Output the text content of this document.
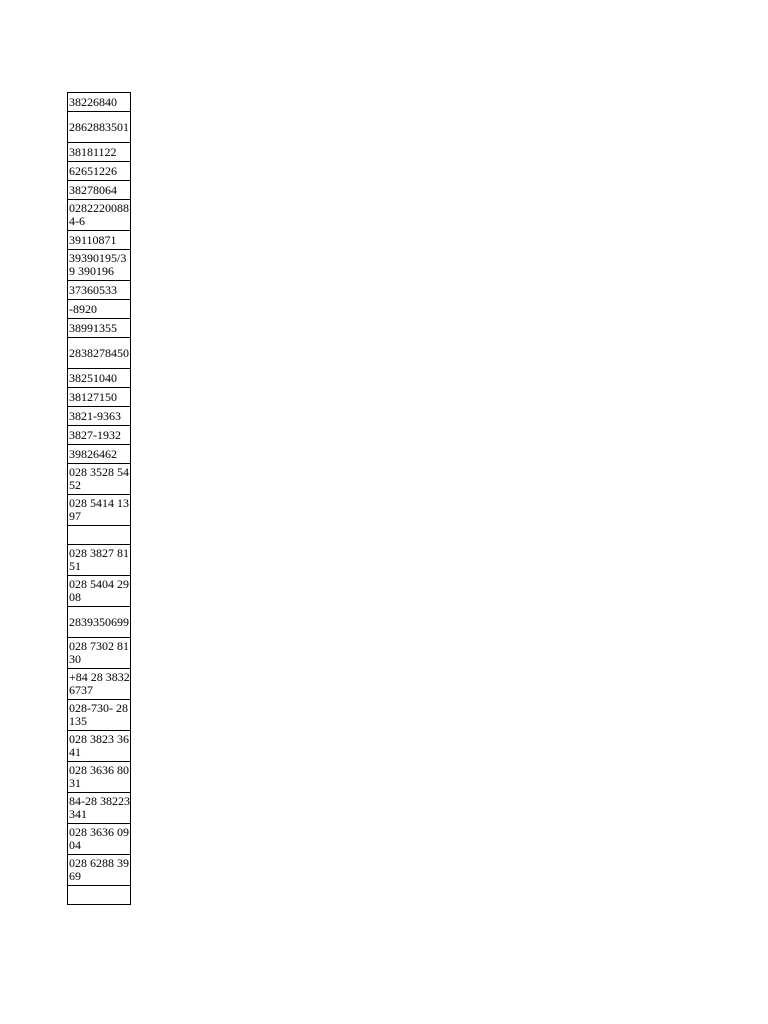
38226840
2862883501
38181122
62651226
38278064
0282220088 4-6
39110871
39390195/39 390196
37360533
-8920
38991355
2838278450
38251040
38127150
3821-9363
3827-1932
39826462
028 3528 5452
028 5414 1397

028 3827 8151
028 5404 2908
2839350699
028 7302 8130
+84 28 38326737
028-730- 28135
028 3823 3641
028 3636 8031
84-28 38223341
028 3636 0904
028 6288 3969
